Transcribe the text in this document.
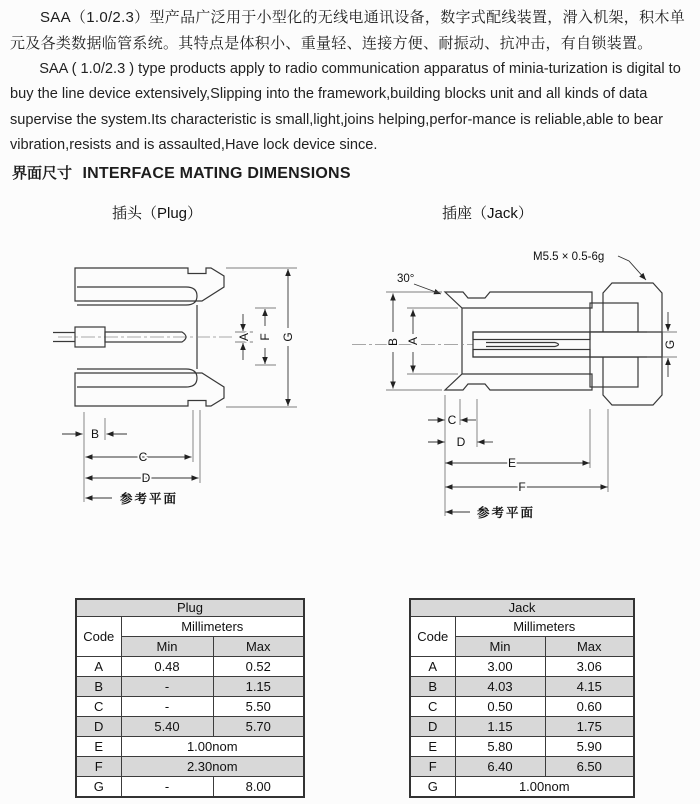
SAA（1.0/2.3）型产品广泛用于小型化的无线电通讯设备，数字式配线装置，滑入机架，积木单元及各类数据临管系统。其特点是体积小、重量轻、连接方便、耐振动、抗冲击，有自锁装置。

SAA ( 1.0/2.3 ) type products apply to radio communication apparatus of minia-turization is digital to buy the line device extensively,Slipping into the framework,building blocks unit and all kinds of data supervise the system.Its characteristic is small,light,joins helping,perfor-mance is reliable,able to bear vibration,resists and is assaulted,Have lock device since.

界面尺寸 INTERFACE MATING DIMENSIONS
插头（Plug）	插座（Jack）
A F G
B
C
D
参考平面
30°
M5.5 × 0.5-6g
B A	G
C
D
E
F
参考平面
Plug		
Code	Millimeters	
	Min	Max
A	0.48	0.52
B	-	1.15
C	-	5.50
D	5.40	5.70
E	1.00nom	
F	2.30nom	
G	-	8.00
Jack		
Code	Millimeters	
	Min	Max
A	3.00	3.06
B	4.03	4.15
C	0.50	0.60
D	1.15	1.75
E	5.80	5.90
F	6.40	6.50
G	1.00nom	
